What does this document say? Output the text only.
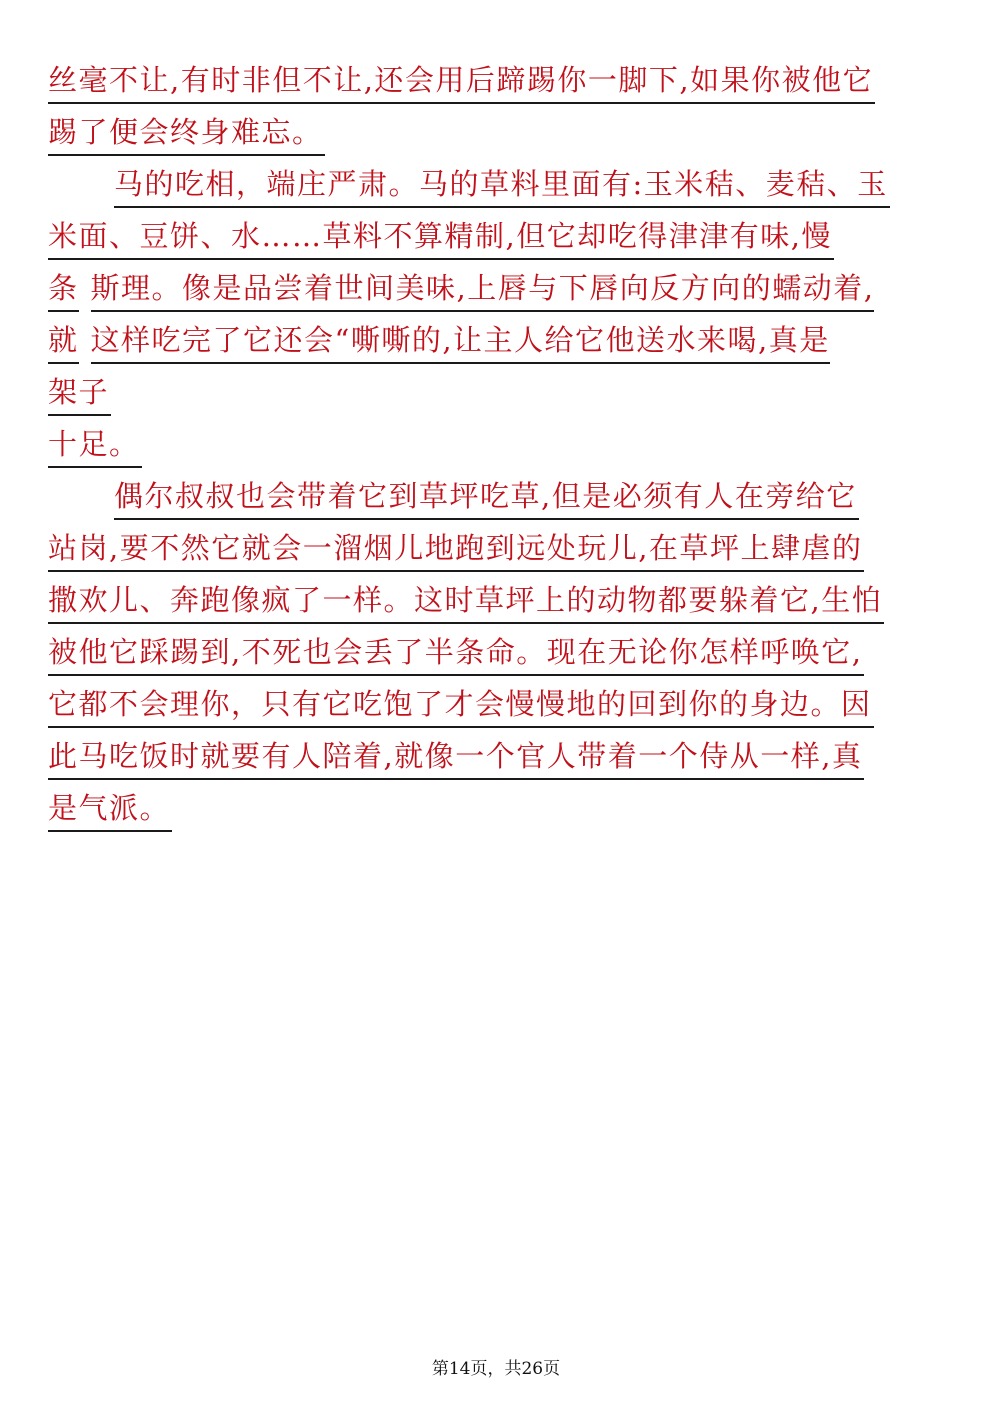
丝毫不让,有时非但不让,还会用后蹄踢你一脚下,如果你被他它
踢了便会终身难忘。
马的吃相，端庄严肃。马的草料里面有:玉米秸、麦秸、玉
米面、豆饼、水……草料不算精制,但它却吃得津津有味,慢
条 斯理。像是品尝着世间美味,上唇与下唇向反方向的蠕动着,
就 这样吃完了它还会“嘶嘶的,让主人给它他送水来喝,真是
架子
十足。
偶尔叔叔也会带着它到草坪吃草,但是必须有人在旁给它
站岗,要不然它就会一溜烟儿地跑到远处玩儿,在草坪上肆虐的
撒欢儿、奔跑像疯了一样。这时草坪上的动物都要躲着它,生怕
被他它踩踢到,不死也会丢了半条命。现在无论你怎样呼唤它,
它都不会理你，只有它吃饱了才会慢慢地的回到你的身边。因
此马吃饭时就要有人陪着,就像一个官人带着一个侍从一样,真
是气派。
第14页，共26页
